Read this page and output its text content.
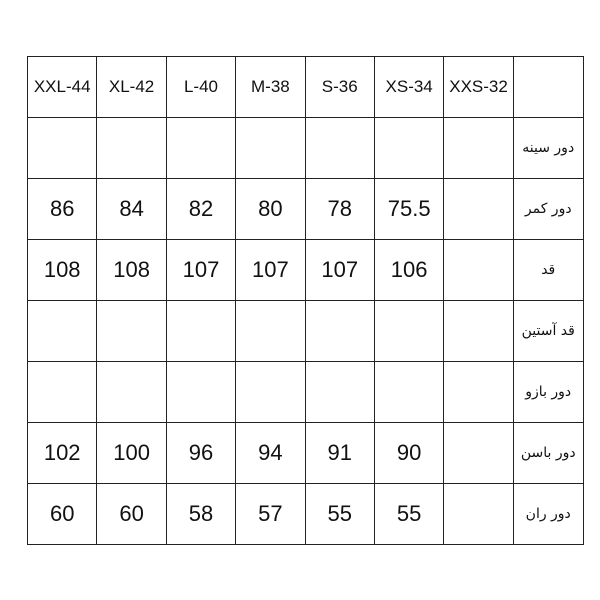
XXL-44	XL-42	L-40	M-38	S-36	XS-34	XXS-32	
							دور سینه
86	84	82	80	78	75.5		دور کمر
108	108	107	107	107	106		قد
							قد آستین
							دور بازو
102	100	96	94	91	90		دور باسن
60	60	58	57	55	55		دور ران
